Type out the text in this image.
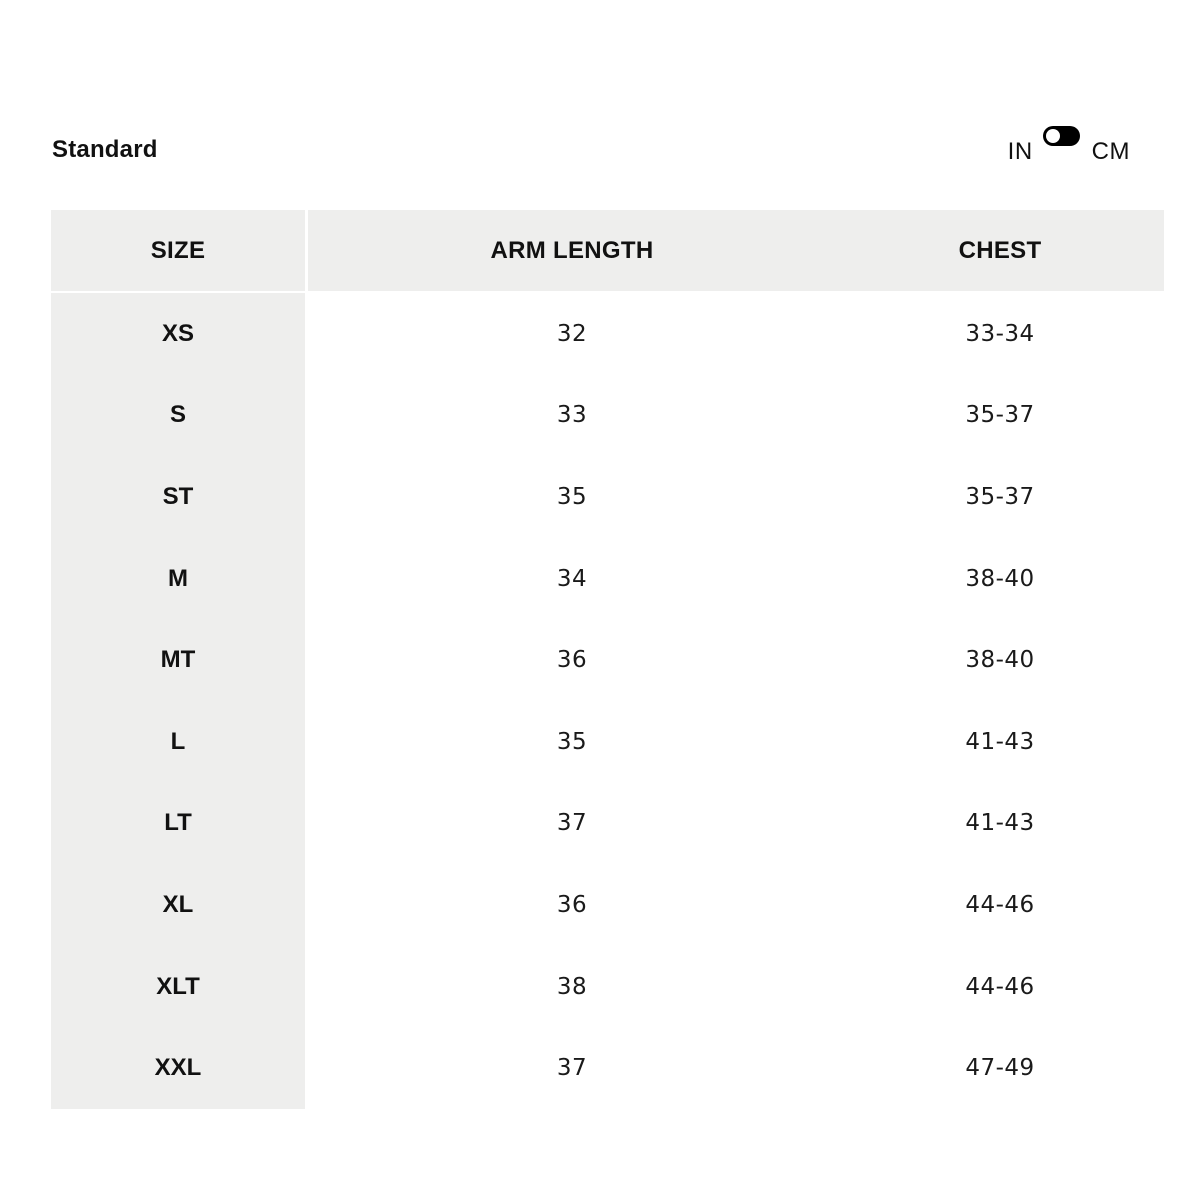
Standard	IN CM
SIZE	ARM LENGTH	CHEST
XS	32	33-34
S	33	35-37
ST	35	35-37
M	34	38-40
MT	36	38-40
L	35	41-43
LT	37	41-43
XL	36	44-46
XLT	38	44-46
XXL	37	47-49
